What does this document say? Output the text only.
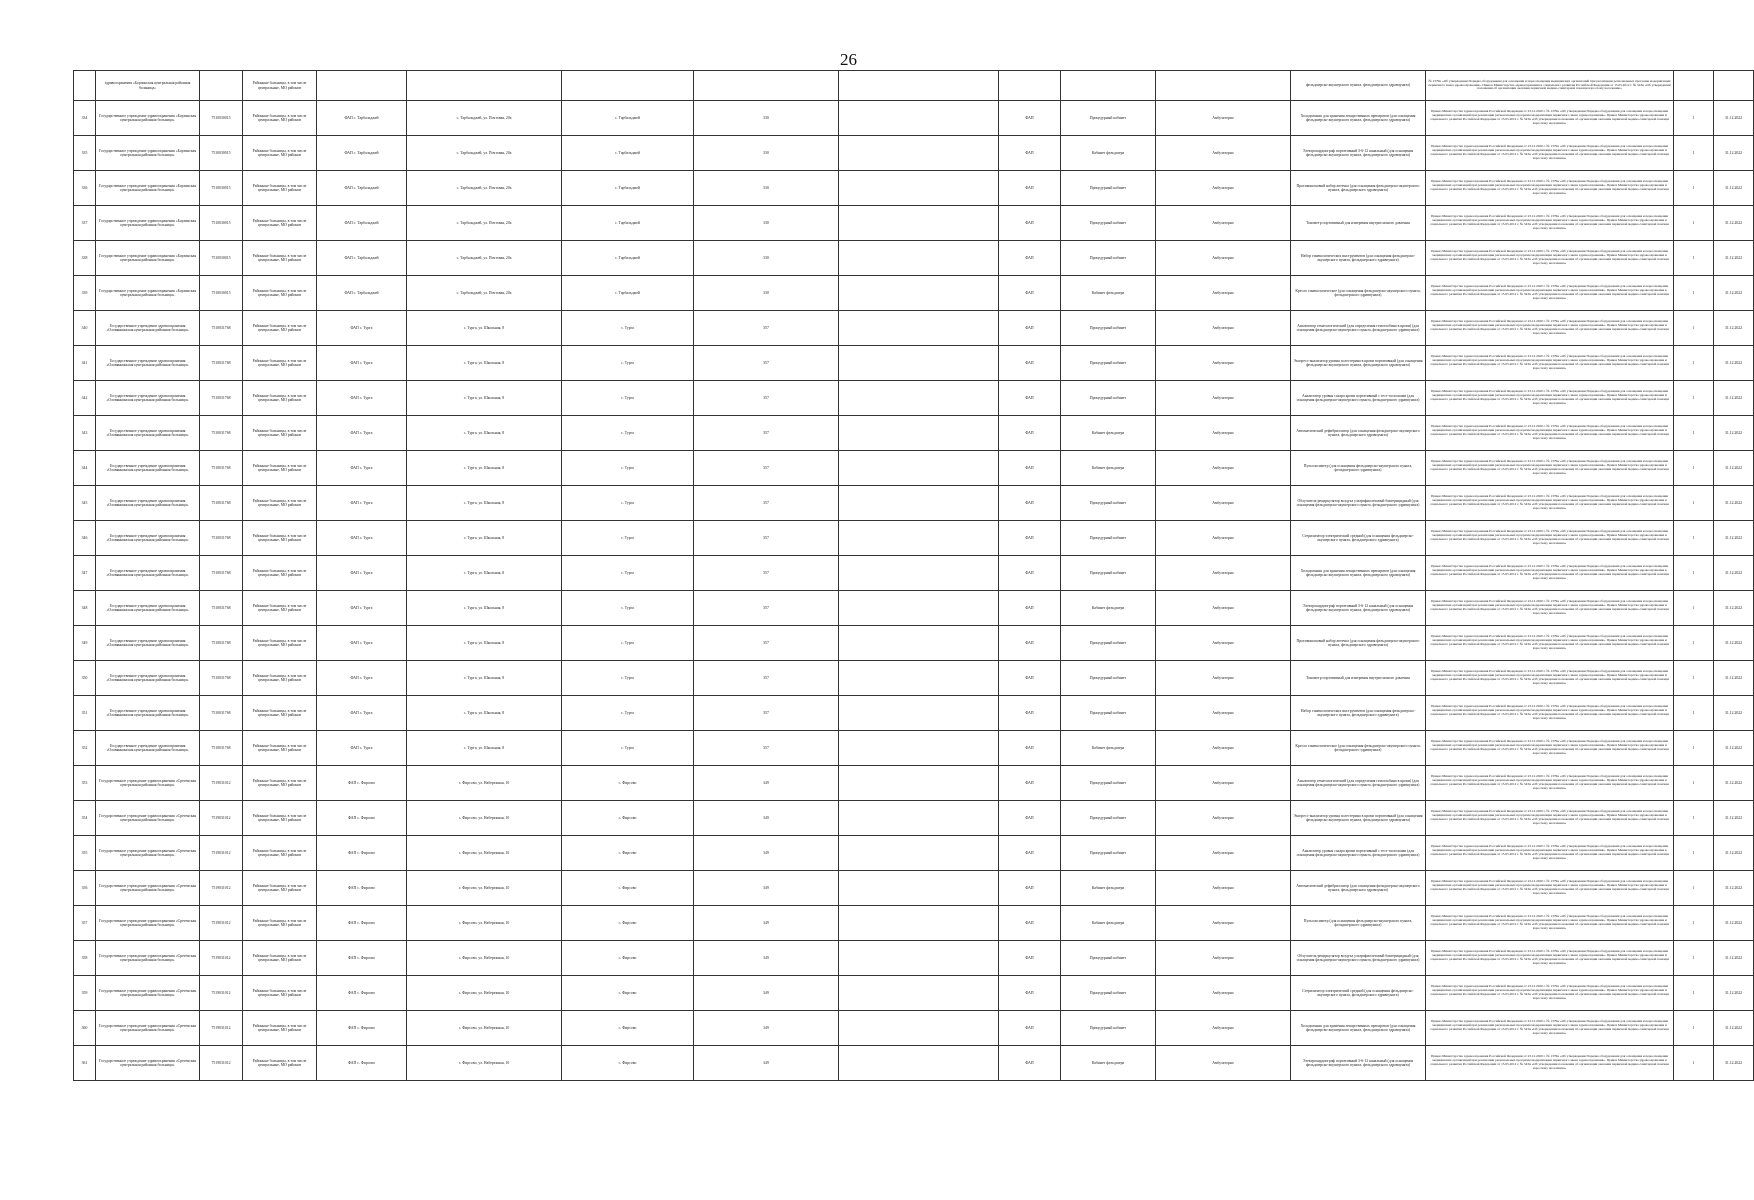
26
	здравоохранения «Борзинская центральная районная больница»		Районные больницы, в том числе центральные, МО районов									фельдшерско-акушерского пункта, фельдшерского здравпункта)	№ 1379н «Об утверждении Порядка оборудования для оснащения и переоснащения медицинских организаций при реализации региональных программ модернизации первичного звена здравоохранения». Приказ Министерства здравоохранения и социального развития Российской Федерации от 15.05.2012 г. № 543н «Об утверждении положения об организации оказания первичной медико-санитарной помощи взрослому населению»		
334	Государственное учреждение здравоохранения «Борзинская центральная районная больница»	7510030015	Районные больницы, в том числе центральные, МО районов	ФАП с. Тарбальджей	с. Тарбальджей, ул. Почтовая, 20а	с. Тарбальджей	330		ФАП	Процедурный кабинет	Амбулаторно	Холодильник для хранения лекарственных препаратов (для оснащения фельдшерско-акушерского пункта, фельдшерского здравпункта)	Приказ Министерства здравоохранения Российской Федерации от 23.12.2020 г. № 1379н «Об утверждении Порядка оборудования для оснащения и переоснащения медицинских организаций при реализации региональных программ модернизации первичного звена здравоохранения». Приказ Министерства здравоохранения и социального развития Российской Федерации от 15.05.2012 г. № 543н «Об утверждении положения об организации оказания первичной медико-санитарной помощи взрослому населению»	1	31.12.2022
335	Государственное учреждение здравоохранения «Борзинская центральная районная больница»	7510030015	Районные больницы, в том числе центральные, МО районов	ФАП с. Тарбальджей	с. Тарбальджей, ул. Почтовая, 20а	с. Тарбальджей	330		ФАП	Кабинет фельдшера	Амбулаторно	Электрокардиограф портативный 3-6-12 канальный (для оснащения фельдшерско-акушерского пункта, фельдшерского здравпункта)	Приказ Министерства здравоохранения Российской Федерации от 23.12.2020 г. № 1379н «Об утверждении Порядка оборудования для оснащения и переоснащения медицинских организаций при реализации региональных программ модернизации первичного звена здравоохранения». Приказ Министерства здравоохранения и социального развития Российской Федерации от 15.05.2012 г. № 543н «Об утверждении положения об организации оказания первичной медико-санитарной помощи взрослому населению»	1	31.12.2022
336	Государственное учреждение здравоохранения «Борзинская центральная районная больница»	7510030015	Районные больницы, в том числе центральные, МО районов	ФАП с. Тарбальджей	с. Тарбальджей, ул. Почтовая, 20а	с. Тарбальджей	330		ФАП	Процедурный кабинет	Амбулаторно	Противошоковый набор аптечка (для оснащения фельдшерско-акушерского пункта, фельдшерского здравпункта)	Приказ Министерства здравоохранения Российской Федерации от 23.12.2020 г. № 1379н «Об утверждении Порядка оборудования для оснащения и переоснащения медицинских организаций при реализации региональных программ модернизации первичного звена здравоохранения». Приказ Министерства здравоохранения и социального развития Российской Федерации от 15.05.2012 г. № 543н «Об утверждении положения об организации оказания первичной медико-санитарной помощи взрослому населению»	1	31.12.2022
337	Государственное учреждение здравоохранения «Борзинская центральная районная больница»	7510030015	Районные больницы, в том числе центральные, МО районов	ФАП с. Тарбальджей	с. Тарбальджей, ул. Почтовая, 20а	с. Тарбальджей	330		ФАП	Процедурный кабинет	Амбулаторно	Тонометр портативный для измерения внутриглазного давления	Приказ Министерства здравоохранения Российской Федерации от 23.12.2020 г. № 1379н «Об утверждении Порядка оборудования для оснащения и переоснащения медицинских организаций при реализации региональных программ модернизации первичного звена здравоохранения». Приказ Министерства здравоохранения и социального развития Российской Федерации от 15.05.2012 г. № 543н «Об утверждении положения об организации оказания первичной медико-санитарной помощи взрослому населению»	1	31.12.2022
338	Государственное учреждение здравоохранения «Борзинская центральная районная больница»	7510030015	Районные больницы, в том числе центральные, МО районов	ФАП с. Тарбальджей	с. Тарбальджей, ул. Почтовая, 20а	с. Тарбальджей	330		ФАП	Процедурный кабинет	Амбулаторно	Набор гинекологических инструментов (для оснащения фельдшерско-акушерского пункта, фельдшерского здравпункта)	Приказ Министерства здравоохранения Российской Федерации от 23.12.2020 г. № 1379н «Об утверждении Порядка оборудования для оснащения и переоснащения медицинских организаций при реализации региональных программ модернизации первичного звена здравоохранения». Приказ Министерства здравоохранения и социального развития Российской Федерации от 15.05.2012 г. № 543н «Об утверждении положения об организации оказания первичной медико-санитарной помощи взрослому населению»	1	31.12.2022
339	Государственное учреждение здравоохранения «Борзинская центральная районная больница»	7510030015	Районные больницы, в том числе центральные, МО районов	ФАП с. Тарбальджей	с. Тарбальджей, ул. Почтовая, 20а	с. Тарбальджей	330		ФАП	Кабинет фельдшера	Амбулаторно	Кресло гинекологическое (для оснащения фельдшерско-акушерского пункта, фельдшерского здравпункта)	Приказ Министерства здравоохранения Российской Федерации от 23.12.2020 г. № 1379н «Об утверждении Порядка оборудования для оснащения и переоснащения медицинских организаций при реализации региональных программ модернизации первичного звена здравоохранения». Приказ Министерства здравоохранения и социального развития Российской Федерации от 15.05.2012 г. № 543н «Об утверждении положения об организации оказания первичной медико-санитарной помощи взрослому населению»	1	31.12.2022
340	Государственное учреждение здравоохранения «Оловяннинская центральная районная больница»	7510031768	Районные больницы, в том числе центральные, МО районов	ФАП с. Турга	с. Турга, ул. Школьная, 8	с. Турга	357		ФАП	Процедурный кабинет	Амбулаторно	Анализатор гематологический (для определения гемоглобина в крови) (для оснащения фельдшерско-акушерского пункта, фельдшерского здравпункта)	Приказ Министерства здравоохранения Российской Федерации от 23.12.2020 г. № 1379н «Об утверждении Порядка оборудования для оснащения и переоснащения медицинских организаций при реализации региональных программ модернизации первичного звена здравоохранения». Приказ Министерства здравоохранения и социального развития Российской Федерации от 15.05.2012 г. № 543н «Об утверждении положения об организации оказания первичной медико-санитарной помощи взрослому населению»	1	31.12.2022
341	Государственное учреждение здравоохранения «Оловяннинская центральная районная больница»	7510031768	Районные больницы, в том числе центральные, МО районов	ФАП с. Турга	с. Турга, ул. Школьная, 8	с. Турга	357		ФАП	Процедурный кабинет	Амбулаторно	Экспресс-анализатор уровня холестерина в крови портативный (для оснащения фельдшерско-акушерского пункта, фельдшерского здравпункта)	Приказ Министерства здравоохранения Российской Федерации от 23.12.2020 г. № 1379н «Об утверждении Порядка оборудования для оснащения и переоснащения медицинских организаций при реализации региональных программ модернизации первичного звена здравоохранения». Приказ Министерства здравоохранения и социального развития Российской Федерации от 15.05.2012 г. № 543н «Об утверждении положения об организации оказания первичной медико-санитарной помощи взрослому населению»	1	31.12.2022
342	Государственное учреждение здравоохранения «Оловяннинская центральная районная больница»	7510031768	Районные больницы, в том числе центральные, МО районов	ФАП с. Турга	с. Турга, ул. Школьная, 8	с. Турга	357		ФАП	Процедурный кабинет	Амбулаторно	Анализатор уровня сахара крови портативный с тест-полосками (для оснащения фельдшерско-акушерского пункта, фельдшерского здравпункта)	Приказ Министерства здравоохранения Российской Федерации от 23.12.2020 г. № 1379н «Об утверждении Порядка оборудования для оснащения и переоснащения медицинских организаций при реализации региональных программ модернизации первичного звена здравоохранения». Приказ Министерства здравоохранения и социального развития Российской Федерации от 15.05.2012 г. № 543н «Об утверждении положения об организации оказания первичной медико-санитарной помощи взрослому населению»	1	31.12.2022
343	Государственное учреждение здравоохранения «Оловяннинская центральная районная больница»	7510031768	Районные больницы, в том числе центральные, МО районов	ФАП с. Турга	с. Турга, ул. Школьная, 8	с. Турга	357		ФАП	Кабинет фельдшера	Амбулаторно	Автоматический дефибриллятор (для оснащения фельдшерско-акушерского пункта, фельдшерского здравпункта)	Приказ Министерства здравоохранения Российской Федерации от 23.12.2020 г. № 1379н «Об утверждении Порядка оборудования для оснащения и переоснащения медицинских организаций при реализации региональных программ модернизации первичного звена здравоохранения». Приказ Министерства здравоохранения и социального развития Российской Федерации от 15.05.2012 г. № 543н «Об утверждении положения об организации оказания первичной медико-санитарной помощи взрослому населению»	1	31.12.2022
344	Государственное учреждение здравоохранения «Оловяннинская центральная районная больница»	7510031768	Районные больницы, в том числе центральные, МО районов	ФАП с. Турга	с. Турга, ул. Школьная, 8	с. Турга	357		ФАП	Кабинет фельдшера	Амбулаторно	Пульсоксиметр (для оснащения фельдшерско-акушерского пункта, фельдшерского здравпункта)	Приказ Министерства здравоохранения Российской Федерации от 23.12.2020 г. № 1379н «Об утверждении Порядка оборудования для оснащения и переоснащения медицинских организаций при реализации региональных программ модернизации первичного звена здравоохранения». Приказ Министерства здравоохранения и социального развития Российской Федерации от 15.05.2012 г. № 543н «Об утверждении положения об организации оказания первичной медико-санитарной помощи взрослому населению»	1	31.12.2022
345	Государственное учреждение здравоохранения «Оловяннинская центральная районная больница»	7510031768	Районные больницы, в том числе центральные, МО районов	ФАП с. Турга	с. Турга, ул. Школьная, 8	с. Турга	357		ФАП	Процедурный кабинет	Амбулаторно	Облучатель-рециркулятор воздуха ультрафиолетовый бактерицидный (для оснащения фельдшерско-акушерского пункта, фельдшерского здравпункта)	Приказ Министерства здравоохранения Российской Федерации от 23.12.2020 г. № 1379н «Об утверждении Порядка оборудования для оснащения и переоснащения медицинских организаций при реализации региональных программ модернизации первичного звена здравоохранения». Приказ Министерства здравоохранения и социального развития Российской Федерации от 15.05.2012 г. № 543н «Об утверждении положения об организации оказания первичной медико-санитарной помощи взрослому населению»	1	31.12.2022
346	Государственное учреждение здравоохранения «Оловяннинская центральная районная больница»	7510031768	Районные больницы, в том числе центральные, МО районов	ФАП с. Турга	с. Турга, ул. Школьная, 8	с. Турга	357		ФАП	Процедурный кабинет	Амбулаторно	Стерилизатор электрический средний (для оснащения фельдшерско-акушерского пункта, фельдшерского здравпункта)	Приказ Министерства здравоохранения Российской Федерации от 23.12.2020 г. № 1379н «Об утверждении Порядка оборудования для оснащения и переоснащения медицинских организаций при реализации региональных программ модернизации первичного звена здравоохранения». Приказ Министерства здравоохранения и социального развития Российской Федерации от 15.05.2012 г. № 543н «Об утверждении положения об организации оказания первичной медико-санитарной помощи взрослому населению»	1	31.12.2022
347	Государственное учреждение здравоохранения «Оловяннинская центральная районная больница»	7510031768	Районные больницы, в том числе центральные, МО районов	ФАП с. Турга	с. Турга, ул. Школьная, 8	с. Турга	357		ФАП	Процедурный кабинет	Амбулаторно	Холодильник для хранения лекарственных препаратов (для оснащения фельдшерско-акушерского пункта, фельдшерского здравпункта)	Приказ Министерства здравоохранения Российской Федерации от 23.12.2020 г. № 1379н «Об утверждении Порядка оборудования для оснащения и переоснащения медицинских организаций при реализации региональных программ модернизации первичного звена здравоохранения». Приказ Министерства здравоохранения и социального развития Российской Федерации от 15.05.2012 г. № 543н «Об утверждении положения об организации оказания первичной медико-санитарной помощи взрослому населению»	1	31.12.2022
348	Государственное учреждение здравоохранения «Оловяннинская центральная районная больница»	7510031768	Районные больницы, в том числе центральные, МО районов	ФАП с. Турга	с. Турга, ул. Школьная, 8	с. Турга	357		ФАП	Кабинет фельдшера	Амбулаторно	Электрокардиограф портативный 3-6-12 канальный (для оснащения фельдшерско-акушерского пункта, фельдшерского здравпункта)	Приказ Министерства здравоохранения Российской Федерации от 23.12.2020 г. № 1379н «Об утверждении Порядка оборудования для оснащения и переоснащения медицинских организаций при реализации региональных программ модернизации первичного звена здравоохранения». Приказ Министерства здравоохранения и социального развития Российской Федерации от 15.05.2012 г. № 543н «Об утверждении положения об организации оказания первичной медико-санитарной помощи взрослому населению»	1	31.12.2022
349	Государственное учреждение здравоохранения «Оловяннинская центральная районная больница»	7510031768	Районные больницы, в том числе центральные, МО районов	ФАП с. Турга	с. Турга, ул. Школьная, 8	с. Турга	357		ФАП	Процедурный кабинет	Амбулаторно	Противошоковый набор аптечка (для оснащения фельдшерско-акушерского пункта, фельдшерского здравпункта)	Приказ Министерства здравоохранения Российской Федерации от 23.12.2020 г. № 1379н «Об утверждении Порядка оборудования для оснащения и переоснащения медицинских организаций при реализации региональных программ модернизации первичного звена здравоохранения». Приказ Министерства здравоохранения и социального развития Российской Федерации от 15.05.2012 г. № 543н «Об утверждении положения об организации оказания первичной медико-санитарной помощи взрослому населению»	1	31.12.2022
350	Государственное учреждение здравоохранения «Оловяннинская центральная районная больница»	7510031768	Районные больницы, в том числе центральные, МО районов	ФАП с. Турга	с. Турга, ул. Школьная, 8	с. Турга	357		ФАП	Процедурный кабинет	Амбулаторно	Тонометр портативный для измерения внутриглазного давления	Приказ Министерства здравоохранения Российской Федерации от 23.12.2020 г. № 1379н «Об утверждении Порядка оборудования для оснащения и переоснащения медицинских организаций при реализации региональных программ модернизации первичного звена здравоохранения». Приказ Министерства здравоохранения и социального развития Российской Федерации от 15.05.2012 г. № 543н «Об утверждении положения об организации оказания первичной медико-санитарной помощи взрослому населению»	1	31.12.2022
351	Государственное учреждение здравоохранения «Оловяннинская центральная районная больница»	7510031768	Районные больницы, в том числе центральные, МО районов	ФАП с. Турга	с. Турга, ул. Школьная, 8	с. Турга	357		ФАП	Процедурный кабинет	Амбулаторно	Набор гинекологических инструментов (для оснащения фельдшерско-акушерского пункта, фельдшерского здравпункта)	Приказ Министерства здравоохранения Российской Федерации от 23.12.2020 г. № 1379н «Об утверждении Порядка оборудования для оснащения и переоснащения медицинских организаций при реализации региональных программ модернизации первичного звена здравоохранения». Приказ Министерства здравоохранения и социального развития Российской Федерации от 15.05.2012 г. № 543н «Об утверждении положения об организации оказания первичной медико-санитарной помощи взрослому населению»	1	31.12.2022
352	Государственное учреждение здравоохранения «Оловяннинская центральная районная больница»	7510031768	Районные больницы, в том числе центральные, МО районов	ФАП с. Турга	с. Турга, ул. Школьная, 8	с. Турга	357		ФАП	Кабинет фельдшера	Амбулаторно	Кресло гинекологическое (для оснащения фельдшерско-акушерского пункта, фельдшерского здравпункта)	Приказ Министерства здравоохранения Российской Федерации от 23.12.2020 г. № 1379н «Об утверждении Порядка оборудования для оснащения и переоснащения медицинских организаций при реализации региональных программ модернизации первичного звена здравоохранения». Приказ Министерства здравоохранения и социального развития Российской Федерации от 15.05.2012 г. № 543н «Об утверждении положения об организации оказания первичной медико-санитарной помощи взрослому населению»	1	31.12.2022
353	Государственное учреждение здравоохранения «Сретенская центральная районная больница»	7519031012	Районные больницы, в том числе центральные, МО районов	ФАП с. Фирсово	с. Фирсово, ул. Набережная, 10	с. Фирсово	349		ФАП	Процедурный кабинет	Амбулаторно	Анализатор гематологический (для определения гемоглобина в крови) (для оснащения фельдшерско-акушерского пункта, фельдшерского здравпункта)	Приказ Министерства здравоохранения Российской Федерации от 23.12.2020 г. № 1379н «Об утверждении Порядка оборудования для оснащения и переоснащения медицинских организаций при реализации региональных программ модернизации первичного звена здравоохранения». Приказ Министерства здравоохранения и социального развития Российской Федерации от 15.05.2012 г. № 543н «Об утверждении положения об организации оказания первичной медико-санитарной помощи взрослому населению»	1	31.12.2022
354	Государственное учреждение здравоохранения «Сретенская центральная районная больница»	7519031012	Районные больницы, в том числе центральные, МО районов	ФАП с. Фирсово	с. Фирсово, ул. Набережная, 10	с. Фирсово	349		ФАП	Процедурный кабинет	Амбулаторно	Экспресс-анализатор уровня холестерина в крови портативный (для оснащения фельдшерско-акушерского пункта, фельдшерского здравпункта)	Приказ Министерства здравоохранения Российской Федерации от 23.12.2020 г. № 1379н «Об утверждении Порядка оборудования для оснащения и переоснащения медицинских организаций при реализации региональных программ модернизации первичного звена здравоохранения». Приказ Министерства здравоохранения и социального развития Российской Федерации от 15.05.2012 г. № 543н «Об утверждении положения об организации оказания первичной медико-санитарной помощи взрослому населению»	1	31.12.2022
355	Государственное учреждение здравоохранения «Сретенская центральная районная больница»	7519031012	Районные больницы, в том числе центральные, МО районов	ФАП с. Фирсово	с. Фирсово, ул. Набережная, 10	с. Фирсово	349		ФАП	Процедурный кабинет	Амбулаторно	Анализатор уровня сахара крови портативный с тест-полосками (для оснащения фельдшерско-акушерского пункта, фельдшерского здравпункта)	Приказ Министерства здравоохранения Российской Федерации от 23.12.2020 г. № 1379н «Об утверждении Порядка оборудования для оснащения и переоснащения медицинских организаций при реализации региональных программ модернизации первичного звена здравоохранения». Приказ Министерства здравоохранения и социального развития Российской Федерации от 15.05.2012 г. № 543н «Об утверждении положения об организации оказания первичной медико-санитарной помощи взрослому населению»	1	31.12.2022
356	Государственное учреждение здравоохранения «Сретенская центральная районная больница»	7519031012	Районные больницы, в том числе центральные, МО районов	ФАП с. Фирсово	с. Фирсово, ул. Набережная, 10	с. Фирсово	349		ФАП	Кабинет фельдшера	Амбулаторно	Автоматический дефибриллятор (для оснащения фельдшерско-акушерского пункта, фельдшерского здравпункта)	Приказ Министерства здравоохранения Российской Федерации от 23.12.2020 г. № 1379н «Об утверждении Порядка оборудования для оснащения и переоснащения медицинских организаций при реализации региональных программ модернизации первичного звена здравоохранения». Приказ Министерства здравоохранения и социального развития Российской Федерации от 15.05.2012 г. № 543н «Об утверждении положения об организации оказания первичной медико-санитарной помощи взрослому населению»	1	31.12.2022
357	Государственное учреждение здравоохранения «Сретенская центральная районная больница»	7519031012	Районные больницы, в том числе центральные, МО районов	ФАП с. Фирсово	с. Фирсово, ул. Набережная, 10	с. Фирсово	349		ФАП	Кабинет фельдшера	Амбулаторно	Пульсоксиметр (для оснащения фельдшерско-акушерского пункта, фельдшерского здравпункта)	Приказ Министерства здравоохранения Российской Федерации от 23.12.2020 г. № 1379н «Об утверждении Порядка оборудования для оснащения и переоснащения медицинских организаций при реализации региональных программ модернизации первичного звена здравоохранения». Приказ Министерства здравоохранения и социального развития Российской Федерации от 15.05.2012 г. № 543н «Об утверждении положения об организации оказания первичной медико-санитарной помощи взрослому населению»	1	31.12.2022
358	Государственное учреждение здравоохранения «Сретенская центральная районная больница»	7519031012	Районные больницы, в том числе центральные, МО районов	ФАП с. Фирсово	с. Фирсово, ул. Набережная, 10	с. Фирсово	349		ФАП	Процедурный кабинет	Амбулаторно	Облучатель-рециркулятор воздуха ультрафиолетовый бактерицидный (для оснащения фельдшерско-акушерского пункта, фельдшерского здравпункта)	Приказ Министерства здравоохранения Российской Федерации от 23.12.2020 г. № 1379н «Об утверждении Порядка оборудования для оснащения и переоснащения медицинских организаций при реализации региональных программ модернизации первичного звена здравоохранения». Приказ Министерства здравоохранения и социального развития Российской Федерации от 15.05.2012 г. № 543н «Об утверждении положения об организации оказания первичной медико-санитарной помощи взрослому населению»	1	31.12.2022
359	Государственное учреждение здравоохранения «Сретенская центральная районная больница»	7519031012	Районные больницы, в том числе центральные, МО районов	ФАП с. Фирсово	с. Фирсово, ул. Набережная, 10	с. Фирсово	349		ФАП	Процедурный кабинет	Амбулаторно	Стерилизатор электрический средний (для оснащения фельдшерско-акушерского пункта, фельдшерского здравпункта)	Приказ Министерства здравоохранения Российской Федерации от 23.12.2020 г. № 1379н «Об утверждении Порядка оборудования для оснащения и переоснащения медицинских организаций при реализации региональных программ модернизации первичного звена здравоохранения». Приказ Министерства здравоохранения и социального развития Российской Федерации от 15.05.2012 г. № 543н «Об утверждении положения об организации оказания первичной медико-санитарной помощи взрослому населению»	1	31.12.2022
360	Государственное учреждение здравоохранения «Сретенская центральная районная больница»	7519031012	Районные больницы, в том числе центральные, МО районов	ФАП с. Фирсово	с. Фирсово, ул. Набережная, 10	с. Фирсово	349		ФАП	Процедурный кабинет	Амбулаторно	Холодильник для хранения лекарственных препаратов (для оснащения фельдшерско-акушерского пункта, фельдшерского здравпункта)	Приказ Министерства здравоохранения Российской Федерации от 23.12.2020 г. № 1379н «Об утверждении Порядка оборудования для оснащения и переоснащения медицинских организаций при реализации региональных программ модернизации первичного звена здравоохранения». Приказ Министерства здравоохранения и социального развития Российской Федерации от 15.05.2012 г. № 543н «Об утверждении положения об организации оказания первичной медико-санитарной помощи взрослому населению»	1	31.12.2022
361	Государственное учреждение здравоохранения «Сретенская центральная районная больница»	7519031012	Районные больницы, в том числе центральные, МО районов	ФАП с. Фирсово	с. Фирсово, ул. Набережная, 10	с. Фирсово	349		ФАП	Кабинет фельдшера	Амбулаторно	Электрокардиограф портативный 3-6-12 канальный (для оснащения фельдшерско-акушерского пункта, фельдшерского здравпункта)	Приказ Министерства здравоохранения Российской Федерации от 23.12.2020 г. № 1379н «Об утверждении Порядка оборудования для оснащения и переоснащения медицинских организаций при реализации региональных программ модернизации первичного звена здравоохранения». Приказ Министерства здравоохранения и социального развития Российской Федерации от 15.05.2012 г. № 543н «Об утверждении положения об организации оказания первичной медико-санитарной помощи взрослому населению»	1	31.12.2022
